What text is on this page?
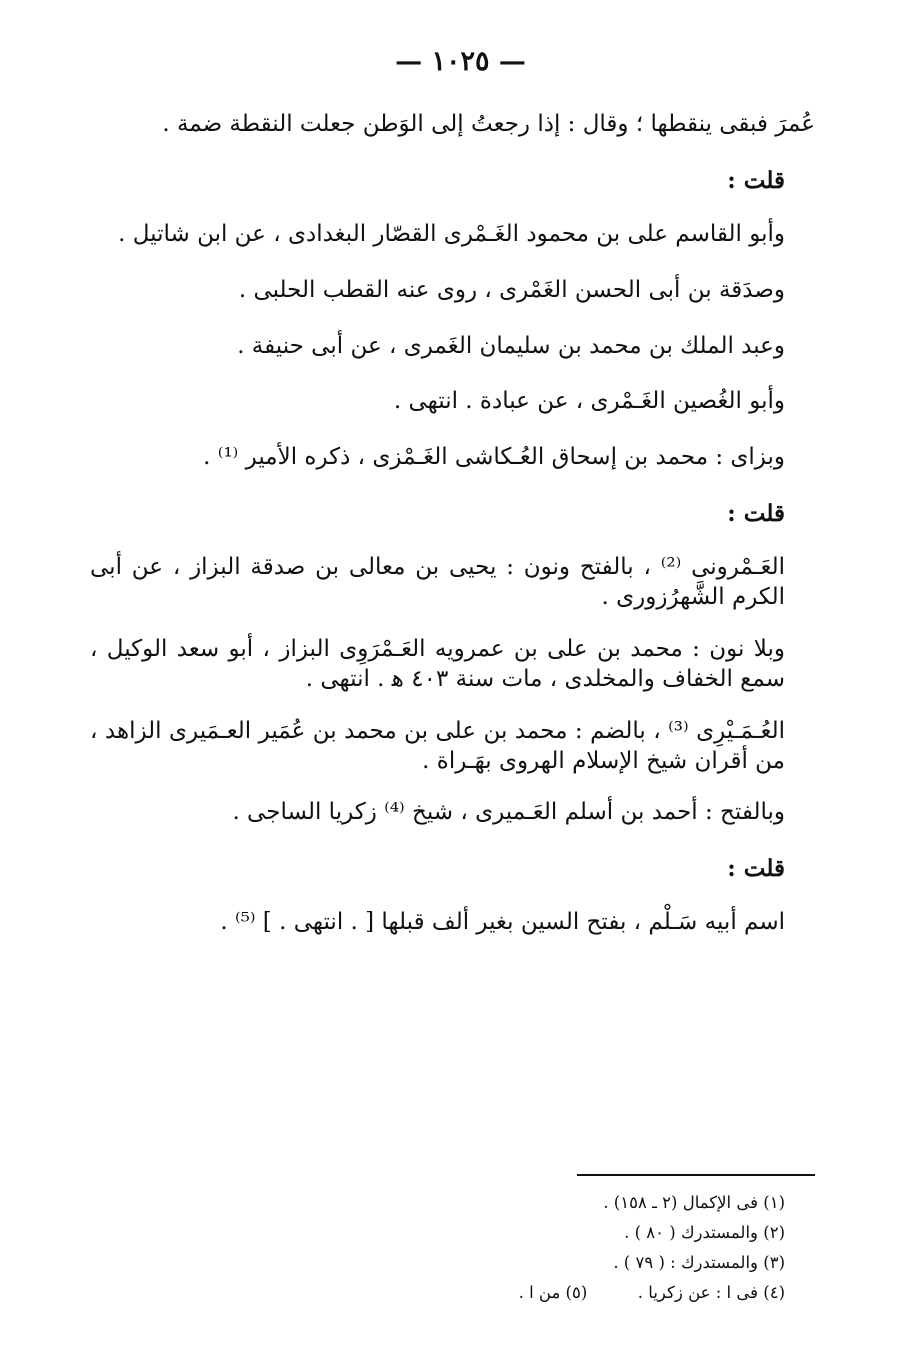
— ١٠٢٥ —
عُمرَ فبقى ينقطها ؛ وقال : إذا رجعتُ إلى الوَطن جعلت النقطة ضمة .
قلت :
وأبو القاسم على بن محمود الغَـمْرى القصّار البغدادى ، عن ابن شاتيل .
وصدَقة بن أبى الحسن الغَمْرى ، روى عنه القطب الحلبى .
وعبد الملك بن محمد بن سليمان الغَمرى ، عن أبى حنيفة .
وأبو الغُصين الغَـمْرى ، عن عبادة . انتهى .
وبزاى : محمد بن إسحاق العُـكاشى الغَـمْزى ، ذكره الأمير ⁽¹⁾ .
قلت :
العَـمْرونى ⁽²⁾ ، بالفتح ونون : يحيى بن معالى بن صدقة البزاز ، عن أبى الكرم الشَّهرُزورى .
وبلا نون : محمد بن على بن عمرويه العَـمْرَوِى البزاز ، أبو سعد الوكيل ، سمع الخفاف والمخلدى ، مات سنة ٤٠٣ ﻫ . انتهى .
العُـمَـيْرِى ⁽³⁾ ، بالضم : محمد بن على بن محمد بن عُمَير العـمَيرى الزاهد ، من أقران شيخ الإسلام الهروى بهَـراة .
وبالفتح : أحمد بن أسلم العَـميرى ، شيخ ⁽⁴⁾ زكريا الساجى .
قلت :
اسم أبيه سَـلْم ، بفتح السين بغير ألف قبلها [ . انتهى . ] ⁽⁵⁾ .
(١) فى الإكمال (٢ ـ ١٥٨) .
(٢) والمستدرك ( ٨٠ ) .
(٣) والمستدرك : ( ٧٩ ) .
(٤) فى ا : عن زكريا .  (٥) من ا .
